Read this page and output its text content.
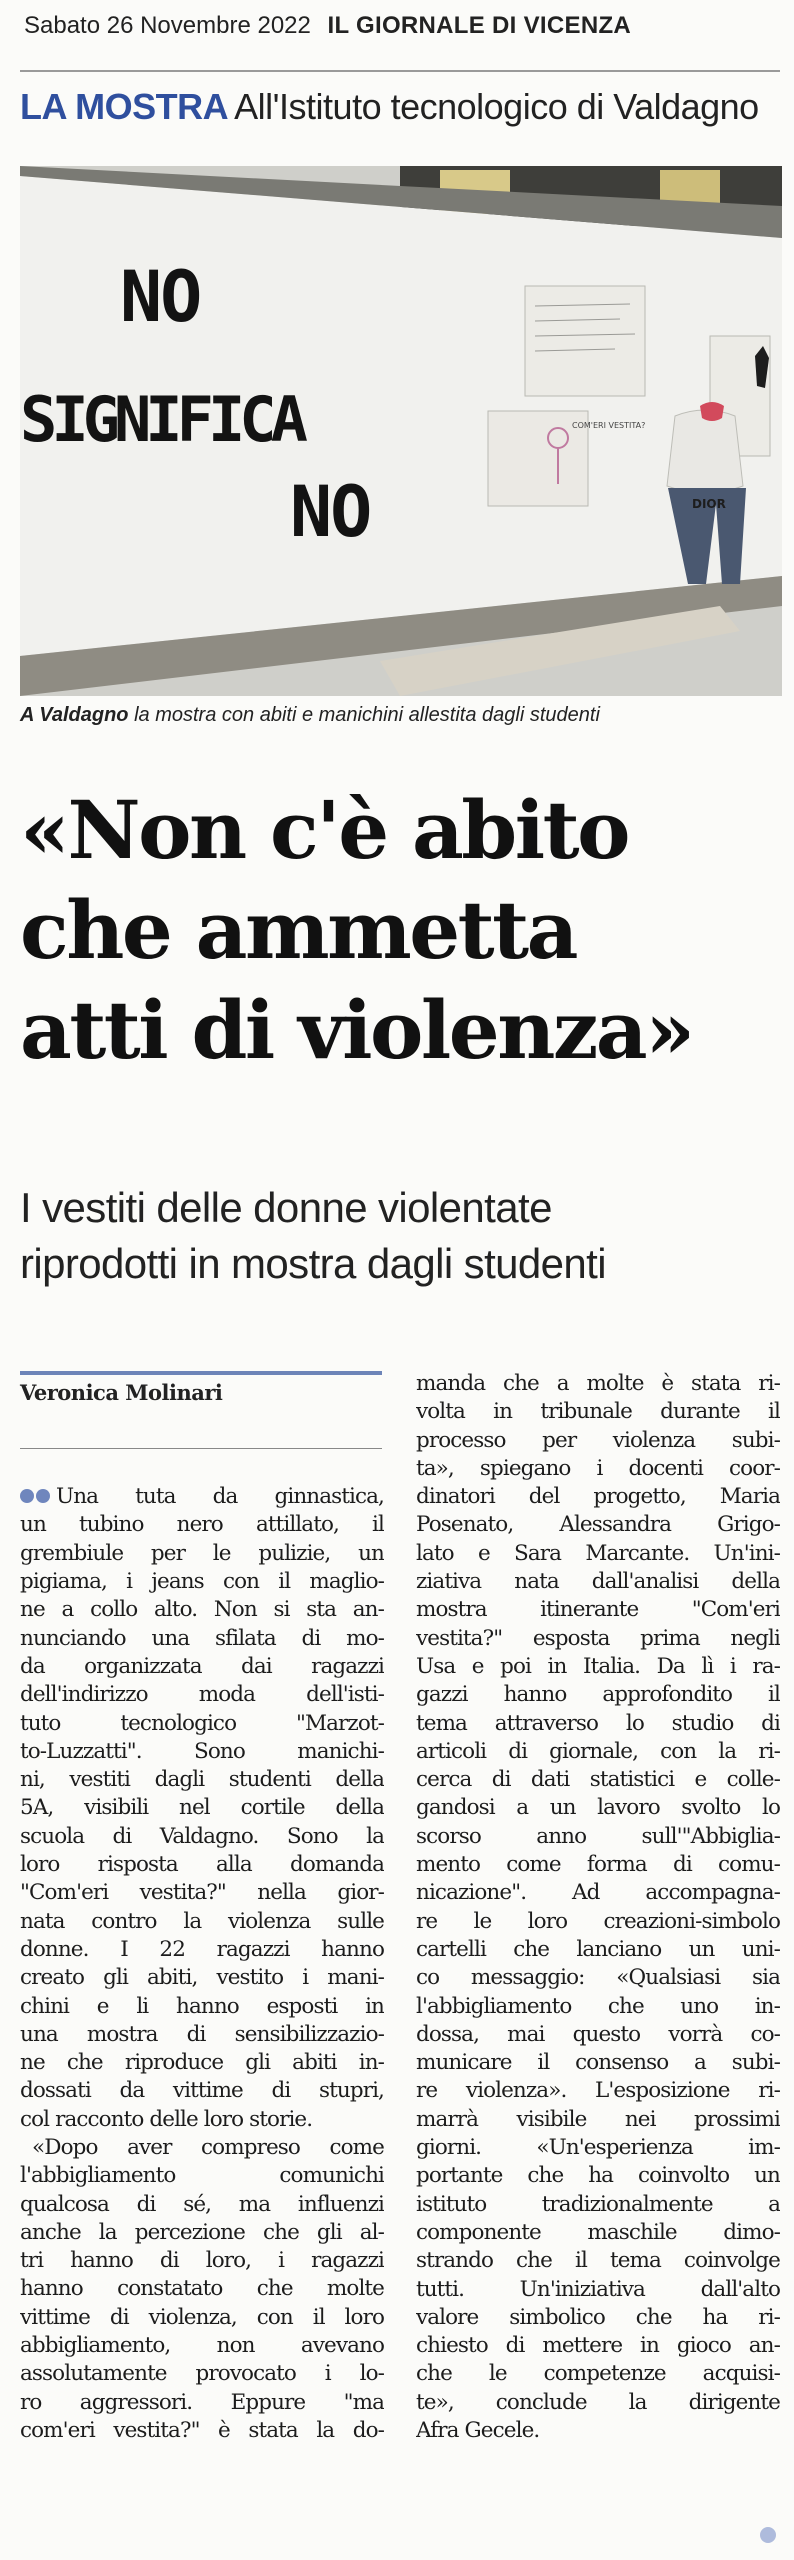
Sabato 26 Novembre 2022 IL GIORNALE DI VICENZA
LA MOSTRA All'Istituto tecnologico di Valdagno
COM'ERI VESTITA?
DIOR
NO
SIGNIFICA
NO
A Valdagno la mostra con abiti e manichini allestita dagli studenti
«Non c'è abito
che ammetta
atti di violenza»
I vestiti delle donne violentate
riprodotti in mostra dagli studenti
Veronica Molinari
Una tuta da ginnastica,
un tubino nero attillato, il
grembiule per le pulizie, un
pigiama, i jeans con il maglio-
ne a collo alto. Non si sta an-
nunciando una sfilata di mo-
da organizzata dai ragazzi
dell'indirizzo moda dell'isti-
tuto tecnologico "Marzot-
to-Luzzatti". Sono manichi-
ni, vestiti dagli studenti della
5A, visibili nel cortile della
scuola di Valdagno. Sono la
loro risposta alla domanda
"Com'eri vestita?" nella gior-
nata contro la violenza sulle
donne. I 22 ragazzi hanno
creato gli abiti, vestito i mani-
chini e li hanno esposti in
una mostra di sensibilizzazio-
ne che riproduce gli abiti in-
dossati da vittime di stupri,
col racconto delle loro storie.
«Dopo aver compreso come
l'abbigliamento comunichi
qualcosa di sé, ma influenzi
anche la percezione che gli al-
tri hanno di loro, i ragazzi
hanno constatato che molte
vittime di violenza, con il loro
abbigliamento, non avevano
assolutamente provocato i lo-
ro aggressori. Eppure "ma
com'eri vestita?" è stata la do-
manda che a molte è stata ri-
volta in tribunale durante il
processo per violenza subi-
ta», spiegano i docenti coor-
dinatori del progetto, Maria
Posenato, Alessandra Grigo-
lato e Sara Marcante. Un'ini-
ziativa nata dall'analisi della
mostra itinerante "Com'eri
vestita?" esposta prima negli
Usa e poi in Italia. Da lì i ra-
gazzi hanno approfondito il
tema attraverso lo studio di
articoli di giornale, con la ri-
cerca di dati statistici e colle-
gandosi a un lavoro svolto lo
scorso anno sull'"Abbiglia-
mento come forma di comu-
nicazione". Ad accompagna-
re le loro creazioni-simbolo
cartelli che lanciano un uni-
co messaggio: «Qualsiasi sia
l'abbigliamento che uno in-
dossa, mai questo vorrà co-
municare il consenso a subi-
re violenza». L'esposizione ri-
marrà visibile nei prossimi
giorni. «Un'esperienza im-
portante che ha coinvolto un
istituto tradizionalmente a
componente maschile dimo-
strando che il tema coinvolge
tutti. Un'iniziativa dall'alto
valore simbolico che ha ri-
chiesto di mettere in gioco an-
che le competenze acquisi-
te», conclude la dirigente
Afra Gecele.
